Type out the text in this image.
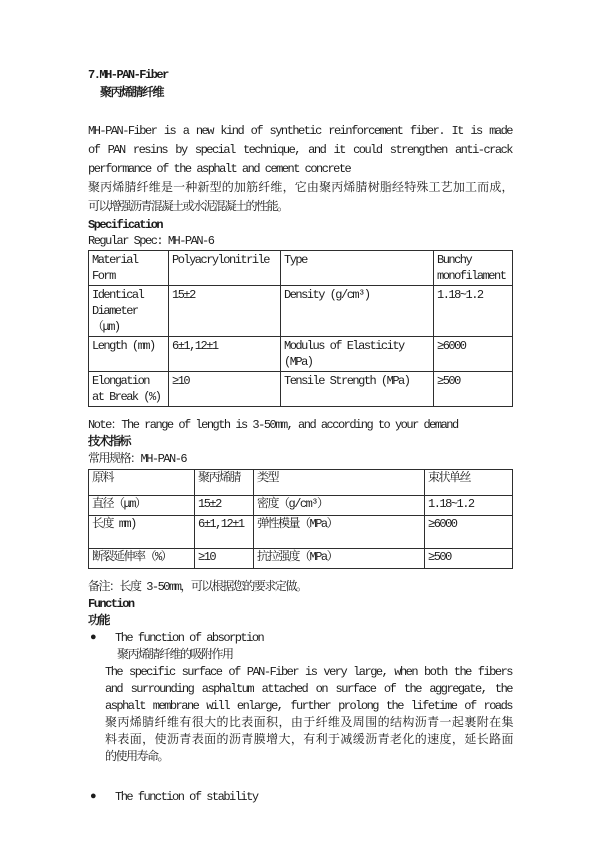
7.MH-PAN-Fiber
聚丙烯腈纤维
MH-PAN-Fiber is a new kind of synthetic reinforcement fiber. It is made
of PAN resins by special technique, and it could strengthen anti-crack
performance of the asphalt and cement concrete
聚丙烯腈纤维是一种新型的加筋纤维，它由聚丙烯腈树脂经特殊工艺加工而成，
可以增强沥青混凝土或水泥混凝土的性能。
Specification
Regular Spec: MH-PAN-6
Material Form	Polyacrylonitrile	Type	Bunchy monofilament
Identical Diameter（μm)	15±2	Density (g/cm³)	1.18~1.2
Length (mm)	6±1,12±1	Modulus of Elasticity (MPa)	≥6000
Elongation at Break (%)	≥10	Tensile Strength (MPa)	≥500
Note：The range of length is 3-50mm, and according to your demand
技术指标
常用规格：MH-PAN-6
原料	聚丙烯腈	类型	束状单丝
直径（μm）	15±2	密度（g/cm³）	1.18~1.2
长度 mm)	6±1,12±1	弹性模量（MPa）	≥6000
断裂延伸率（%）	≥10	抗拉强度（MPa）	≥500
备注：长度 3-50mm，可以根据您的要求定做。
Function
功能
●	The function of absorption
聚丙烯腈纤维的吸附作用
The specific surface of PAN-Fiber is very large, when both the fibers
and surrounding asphaltum attached on surface of the aggregate, the
asphalt membrane will enlarge, further prolong the lifetime of roads
聚丙烯腈纤维有很大的比表面积，由于纤维及周围的结构沥青一起裹附在集
料表面，使沥青表面的沥青膜增大，有利于减缓沥青老化的速度，延长路面
的使用寿命。
●	The function of stability
